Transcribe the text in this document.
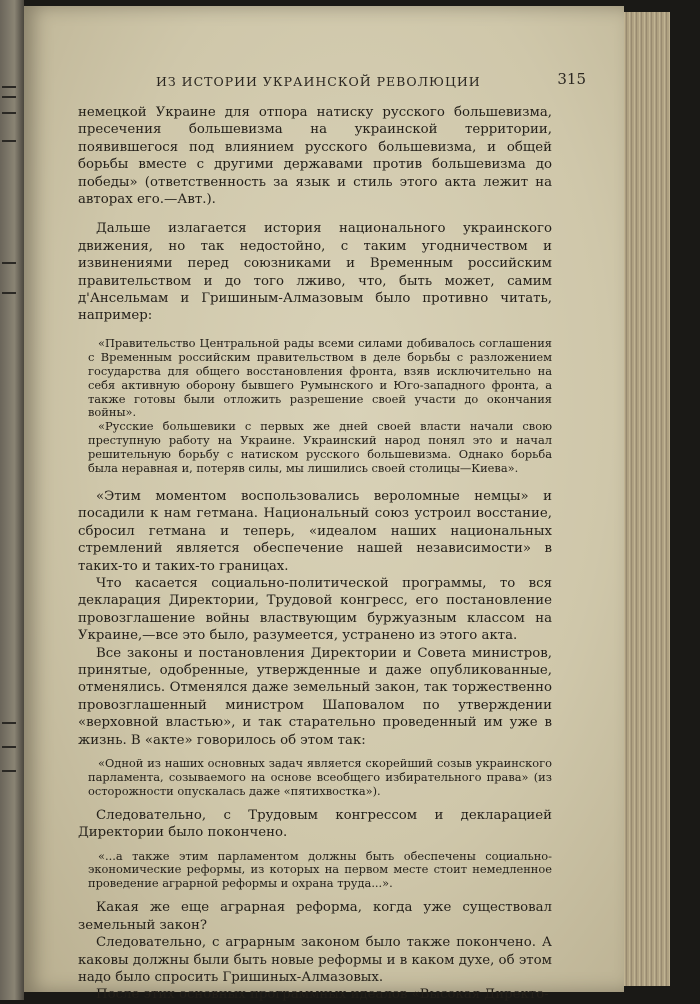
ИЗ ИСТОРИИ УКРАИНСКОЙ РЕВОЛЮЦИИ	315

немецкой Украине для отпора натиску русского большевизма, пресечения большевизма на украинской территории, появившегося под влиянием русского большевизма, и общей борьбы вместе с другими державами против большевизма до победы» (ответственность за язык и стиль этого акта лежит на авторах его.—Авт.).

Дальше излагается история национального украинского движения, но так недостойно, с таким угодничеством и извинениями перед союзниками и Временным российским правительством и до того лживо, что, быть может, самим д'Ансельмам и Гришиным-Алмазовым было противно читать, например:

«Правительство Центральной рады всеми силами добивалось соглашения с Временным российским правительством в деле борьбы с разложением государства для общего восстановления фронта, взяв исключительно на себя активную оборону бывшего Румынского и Юго-западного фронта, а также готовы были отложить разрешение своей участи до окончания войны».

«Русские большевики с первых же дней своей власти начали свою преступную работу на Украине. Украинский народ понял это и начал решительную борьбу с натиском русского большевизма. Однако борьба была неравная и, потеряв силы, мы лишились своей столицы—Киева».

«Этим моментом воспользовались вероломные немцы» и посадили к нам гетмана. Национальный союз устроил восстание, сбросил гетмана и теперь, «идеалом наших национальных стремлений является обеспечение нашей независимости» в таких-то и таких-то границах.

Что касается социально-политической программы, то вся декларация Директории, Трудовой конгресс, его постановление провозглашение войны властвующим буржуазным классом на Украине,—все это было, разумеется, устранено из этого акта.

Все законы и постановления Директории и Совета министров, принятые, одобренные, утвержденные и даже опубликованные, отменялись. Отменялся даже земельный закон, так торжественно провозглашенный министром Шаповалом по утверждении «верховной властью», и так старательно проведенный им уже в жизнь. В «акте» говорилось об этом так:

«Одной из наших основных задач является скорейший созыв украинского парламента, созываемого на основе всеобщего избирательного права» (из осторожности опускалась даже «пятихвостка»).

Следовательно, с Трудовым конгрессом и декларацией Директории было покончено.

«...а также этим парламентом должны быть обеспечены социально-экономические реформы, из которых на первом месте стоит немедленное проведение аграрной реформы и охрана труда...».

Какая же еще аграрная реформа, когда уже существовал земельный закон?

Следовательно, с аграрным законом было также покончено. А каковы должны были быть новые реформы и в каком духе, об этом надо было спросить Гришиных-Алмазовых.

После этих основных программных идеалов «Высокая Директо-
